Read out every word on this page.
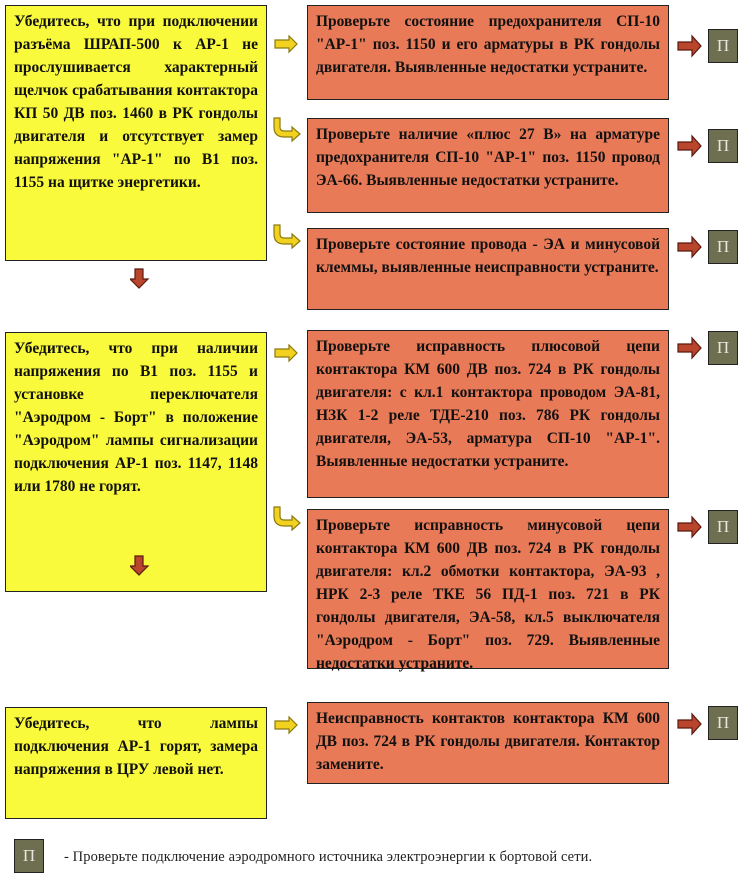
Убедитесь, что при подключении разъёма ШРАП-500 к АР-1 не прослушивается характерный щелчок срабатывания контактора КП 50 ДВ поз. 1460 в РК гондолы двигателя и отсутствует замер напряжения "АР-1" по В1 поз. 1155 на щитке энергетики.
Проверьте состояние предохранителя СП-10 "АР-1" поз. 1150 и его арматуры в РК гондолы двигателя. Выявленные недостатки устраните.
П
Проверьте наличие «плюс 27 В» на арматуре предохранителя СП-10 "АР-1" поз. 1150 провод ЭА-66. Выявленные недостатки устраните.
П
Проверьте состояние провода - ЭА и минусовой клеммы, выявленные неисправности устраните.
П
Убедитесь, что при наличии напряжения по В1 поз. 1155 и установке переключателя "Аэродром - Борт" в положение "Аэродром" лампы сигнализации подключения АР-1 поз. 1147, 1148 или 1780 не горят.
Проверьте исправность плюсовой цепи контактора КМ 600 ДВ поз. 724 в РК гондолы двигателя: с кл.1 контактора проводом ЭА-81, НЗК 1-2 реле ТДЕ-210 поз. 786 РК гондолы двигателя, ЭА-53, арматура СП-10 "АР-1". Выявленные недостатки устраните.
П
Проверьте исправность минусовой цепи контактора КМ 600 ДВ поз. 724 в РК гондолы двигателя: кл.2 обмотки контактора, ЭА-93 , НРК 2-3 реле ТКЕ 56 ПД-1 поз. 721 в РК гондолы двигателя, ЭА-58, кл.5 выключателя "Аэродром - Борт" поз. 729. Выявленные недостатки устраните.
П
Убедитесь, что лампы подключения АР-1 горят, замера напряжения в ЦРУ левой нет.
Неисправность контактов контактора КМ 600 ДВ поз. 724 в РК гондолы двигателя. Контактор замените.
П
П - Проверьте подключение аэродромного источника электроэнергии к бортовой сети.
